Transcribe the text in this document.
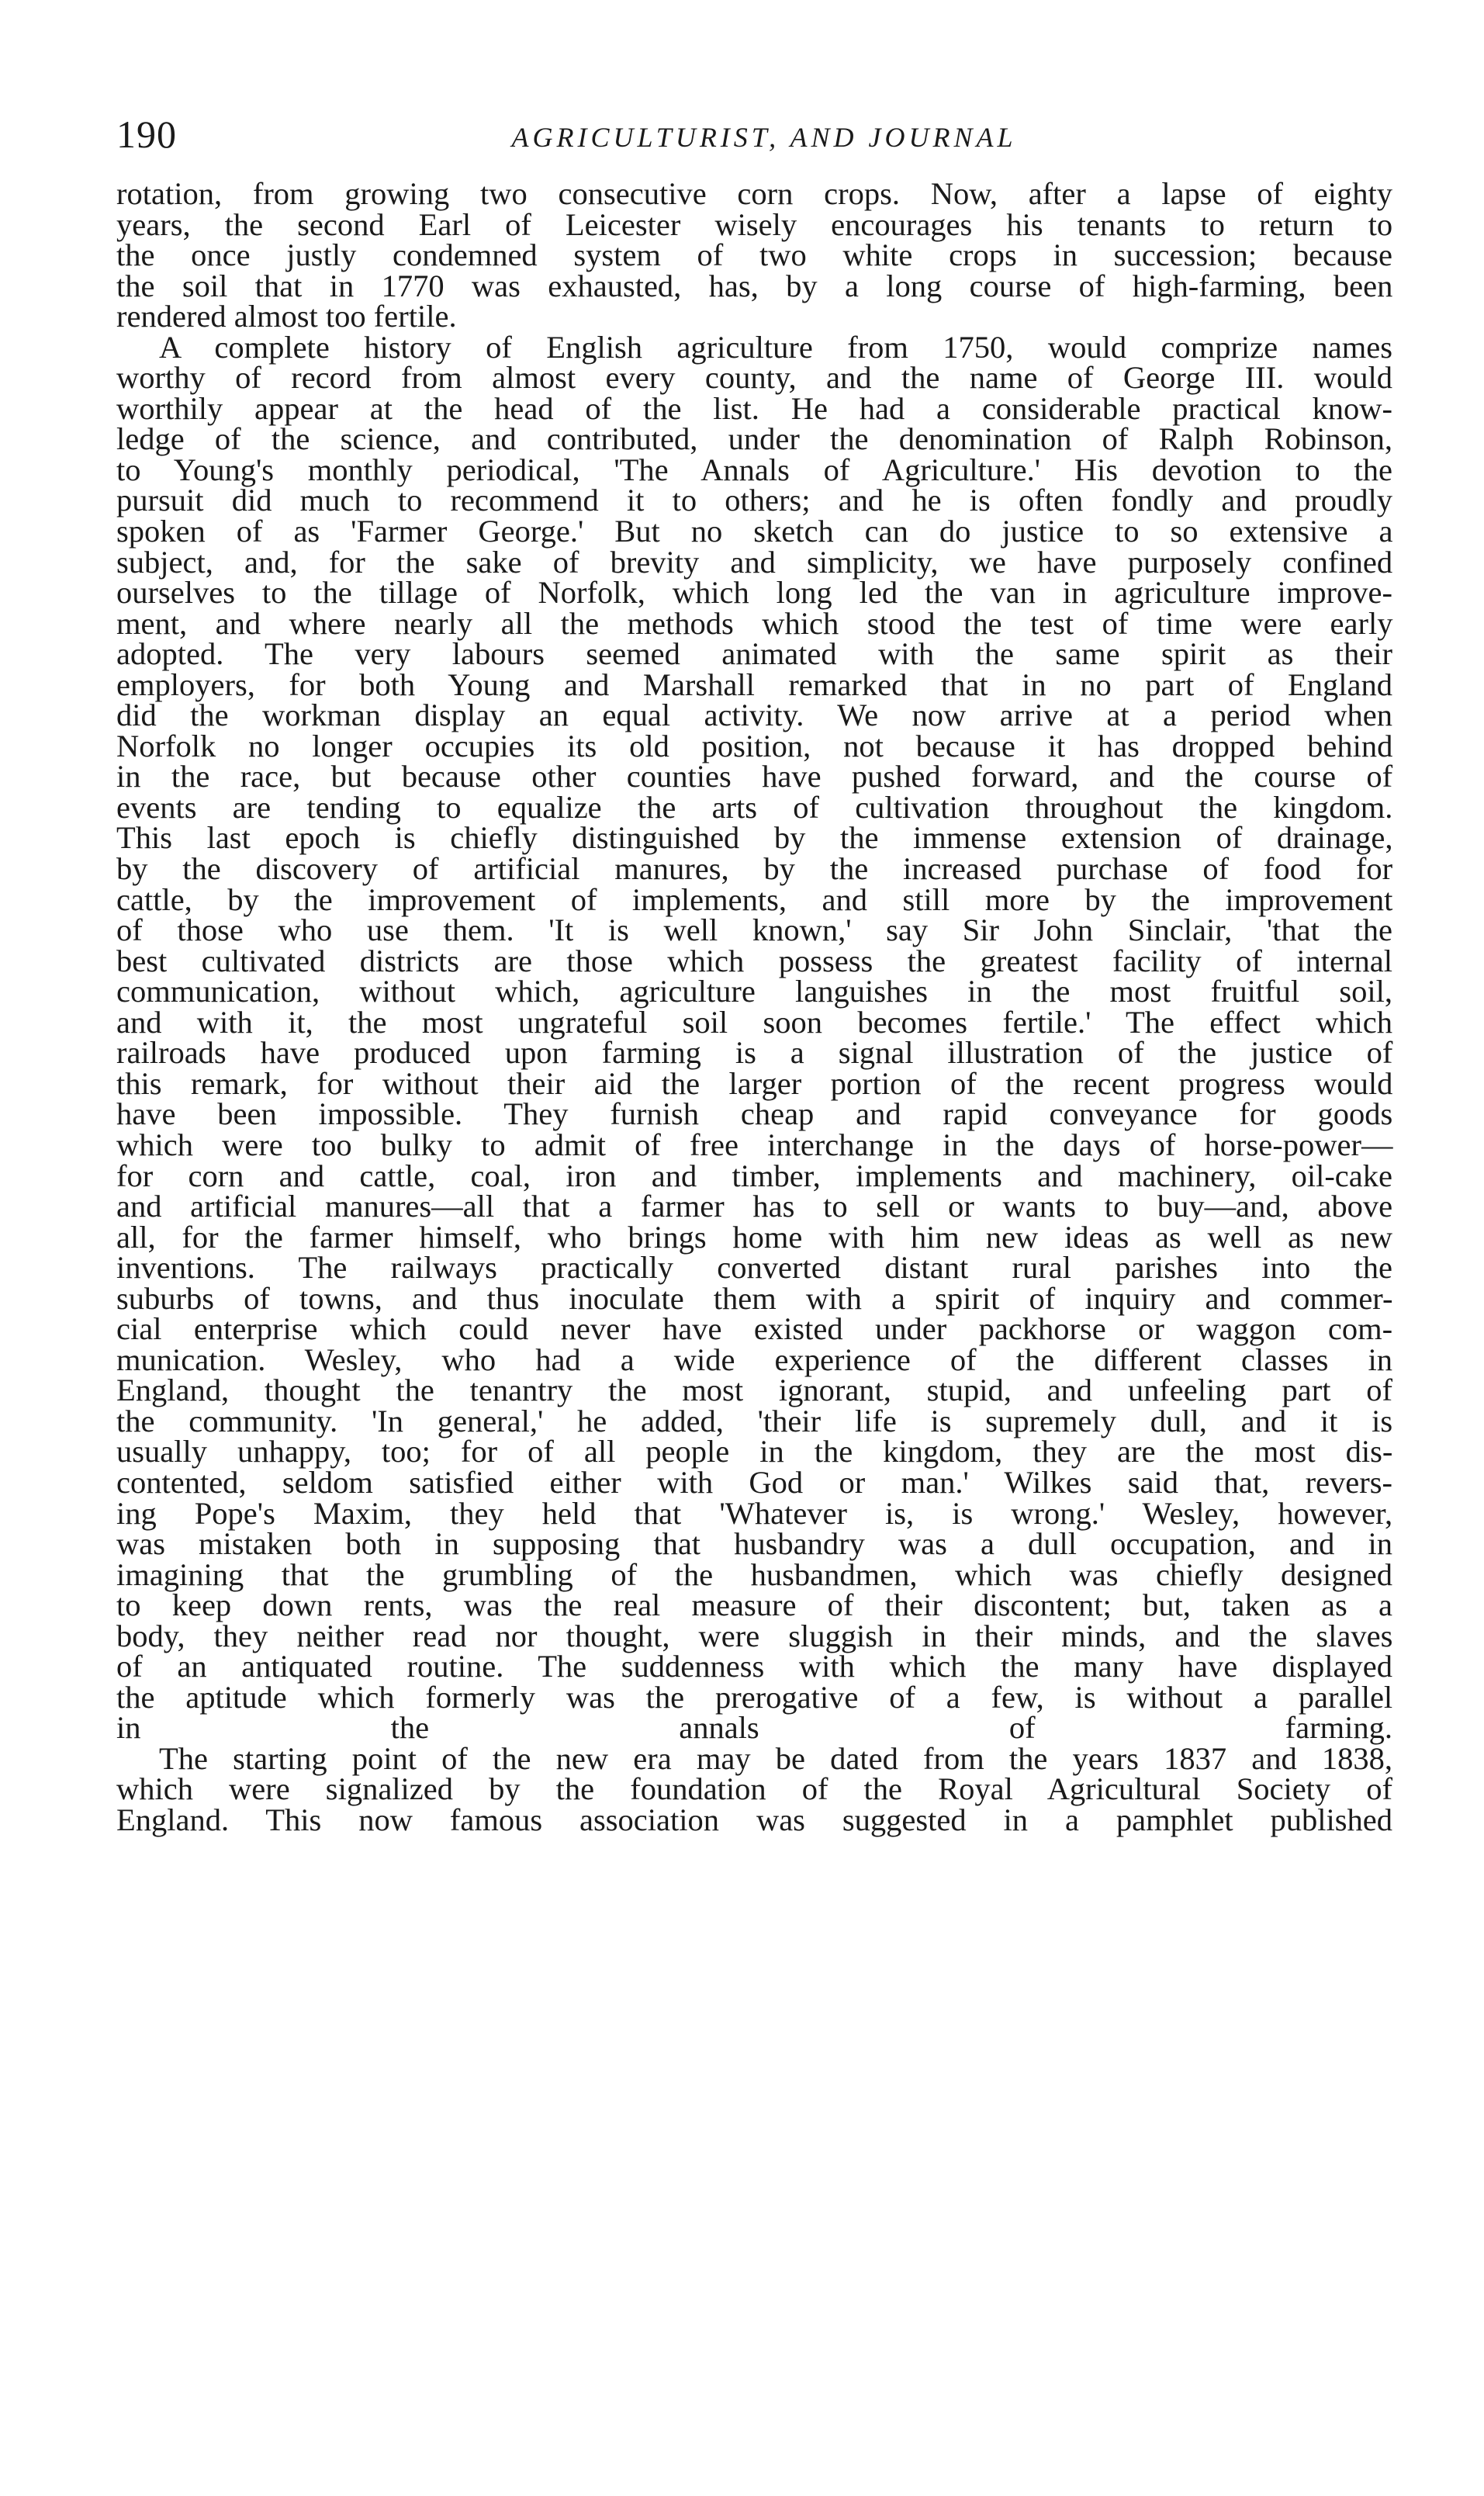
190	AGRICULTURIST, AND JOURNAL

rotation, from growing two consecutive corn crops. Now, after a lapse of eighty
years, the second Earl of Leicester wisely encourages his tenants to return to
the once justly condemned system of two white crops in succession; because
the soil that in 1770 was exhausted, has, by a long course of high-farming, been
rendered almost too fertile.

A complete history of English agriculture from 1750, would comprize names
worthy of record from almost every county, and the name of George III. would
worthily appear at the head of the list. He had a considerable practical know-
ledge of the science, and contributed, under the denomination of Ralph Robinson,
to Young's monthly periodical, 'The Annals of Agriculture.' His devotion to the
pursuit did much to recommend it to others; and he is often fondly and proudly
spoken of as 'Farmer George.' But no sketch can do justice to so extensive a
subject, and, for the sake of brevity and simplicity, we have purposely confined
ourselves to the tillage of Norfolk, which long led the van in agriculture improve-
ment, and where nearly all the methods which stood the test of time were early
adopted. The very labours seemed animated with the same spirit as their
employers, for both Young and Marshall remarked that in no part of England
did the workman display an equal activity. We now arrive at a period when
Norfolk no longer occupies its old position, not because it has dropped behind
in the race, but because other counties have pushed forward, and the course of
events are tending to equalize the arts of cultivation throughout the kingdom.
This last epoch is chiefly distinguished by the immense extension of drainage,
by the discovery of artificial manures, by the increased purchase of food for
cattle, by the improvement of implements, and still more by the improvement
of those who use them. 'It is well known,' say Sir John Sinclair, 'that the
best cultivated districts are those which possess the greatest facility of internal
communication, without which, agriculture languishes in the most fruitful soil,
and with it, the most ungrateful soil soon becomes fertile.' The effect which
railroads have produced upon farming is a signal illustration of the justice of
this remark, for without their aid the larger portion of the recent progress would
have been impossible. They furnish cheap and rapid conveyance for goods
which were too bulky to admit of free interchange in the days of horse-power—
for corn and cattle, coal, iron and timber, implements and machinery, oil-cake
and artificial manures—all that a farmer has to sell or wants to buy—and, above
all, for the farmer himself, who brings home with him new ideas as well as new
inventions. The railways practically converted distant rural parishes into the
suburbs of towns, and thus inoculate them with a spirit of inquiry and commer-
cial enterprise which could never have existed under packhorse or waggon com-
munication. Wesley, who had a wide experience of the different classes in
England, thought the tenantry the most ignorant, stupid, and unfeeling part of
the community. 'In general,' he added, 'their life is supremely dull, and it is
usually unhappy, too; for of all people in the kingdom, they are the most dis-
contented, seldom satisfied either with God or man.' Wilkes said that, revers-
ing Pope's Maxim, they held that 'Whatever is, is wrong.' Wesley, however,
was mistaken both in supposing that husbandry was a dull occupation, and in
imagining that the grumbling of the husbandmen, which was chiefly designed
to keep down rents, was the real measure of their discontent; but, taken as a
body, they neither read nor thought, were sluggish in their minds, and the slaves
of an antiquated routine. The suddenness with which the many have displayed
the aptitude which formerly was the prerogative of a few, is without a parallel
in the annals of farming.

The starting point of the new era may be dated from the years 1837 and 1838,
which were signalized by the foundation of the Royal Agricultural Society of
England. This now famous association was suggested in a pamphlet published
